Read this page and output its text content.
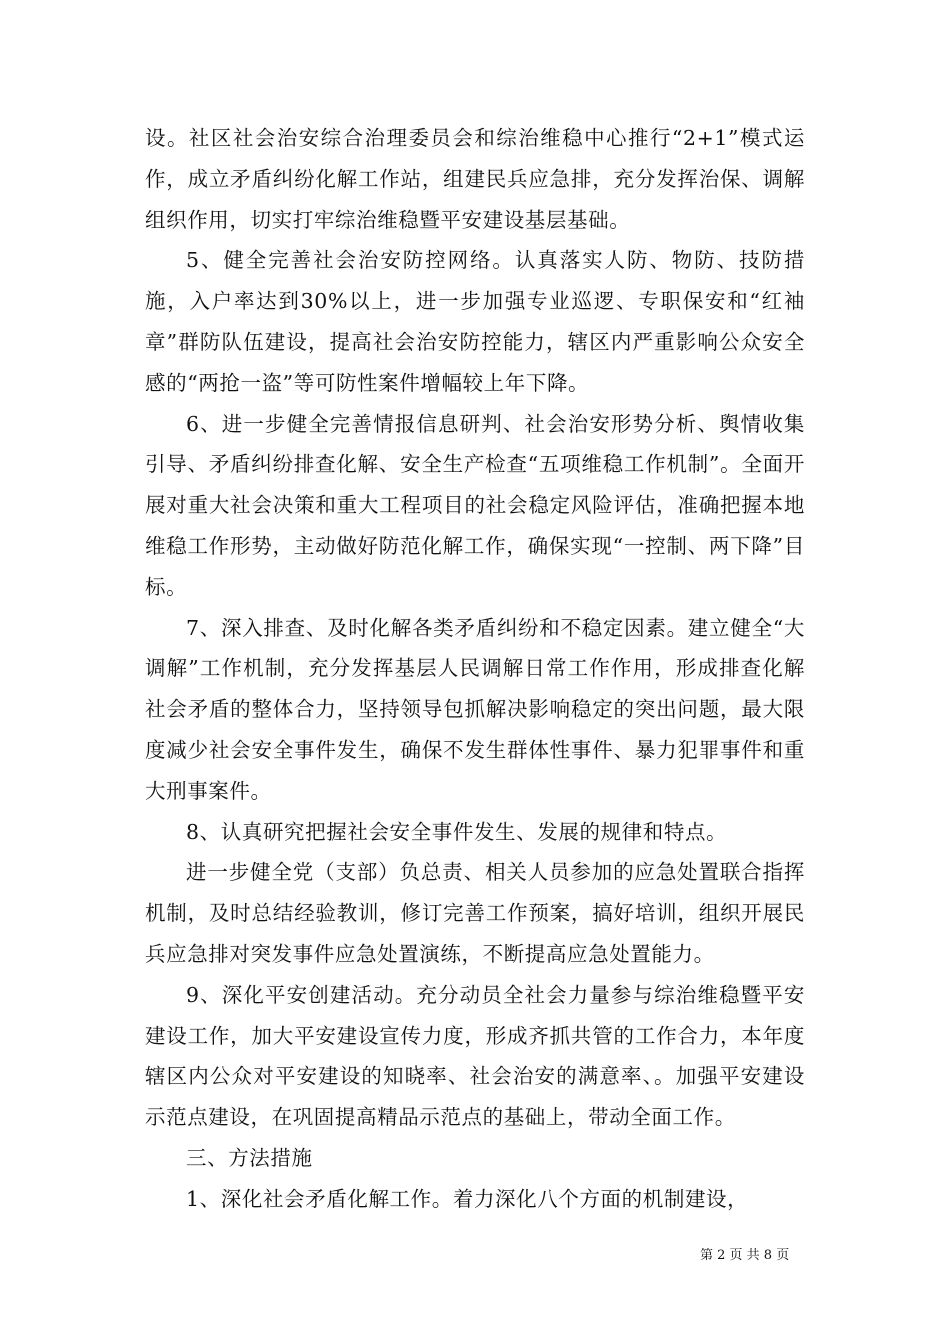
设。社区社会治安综合治理委员会和综治维稳中心推行“2+1”模式运作，成立矛盾纠纷化解工作站，组建民兵应急排，充分发挥治保、调解组织作用，切实打牢综治维稳暨平安建设基层基础。

5、健全完善社会治安防控网络。认真落实人防、物防、技防措施，入户率达到30%以上，进一步加强专业巡逻、专职保安和“红袖章”群防队伍建设，提高社会治安防控能力，辖区内严重影响公众安全感的“两抢一盗”等可防性案件增幅较上年下降。

6、进一步健全完善情报信息研判、社会治安形势分析、舆情收集引导、矛盾纠纷排查化解、安全生产检查“五项维稳工作机制”。全面开展对重大社会决策和重大工程项目的社会稳定风险评估，准确把握本地维稳工作形势，主动做好防范化解工作，确保实现“一控制、两下降”目标。

7、深入排查、及时化解各类矛盾纠纷和不稳定因素。建立健全“大调解”工作机制，充分发挥基层人民调解日常工作作用，形成排查化解社会矛盾的整体合力，坚持领导包抓解决影响稳定的突出问题，最大限度减少社会安全事件发生，确保不发生群体性事件、暴力犯罪事件和重大刑事案件。

8、认真研究把握社会安全事件发生、发展的规律和特点。

进一步健全党（支部）负总责、相关人员参加的应急处置联合指挥机制，及时总结经验教训，修订完善工作预案，搞好培训，组织开展民兵应急排对突发事件应急处置演练，不断提高应急处置能力。

9、深化平安创建活动。充分动员全社会力量参与综治维稳暨平安建设工作，加大平安建设宣传力度，形成齐抓共管的工作合力，本年度辖区内公众对平安建设的知晓率、社会治安的满意率、。加强平安建设示范点建设，在巩固提高精品示范点的基础上，带动全面工作。

三、方法措施

1、深化社会矛盾化解工作。着力深化八个方面的机制建设，

第 2 页 共 8 页
